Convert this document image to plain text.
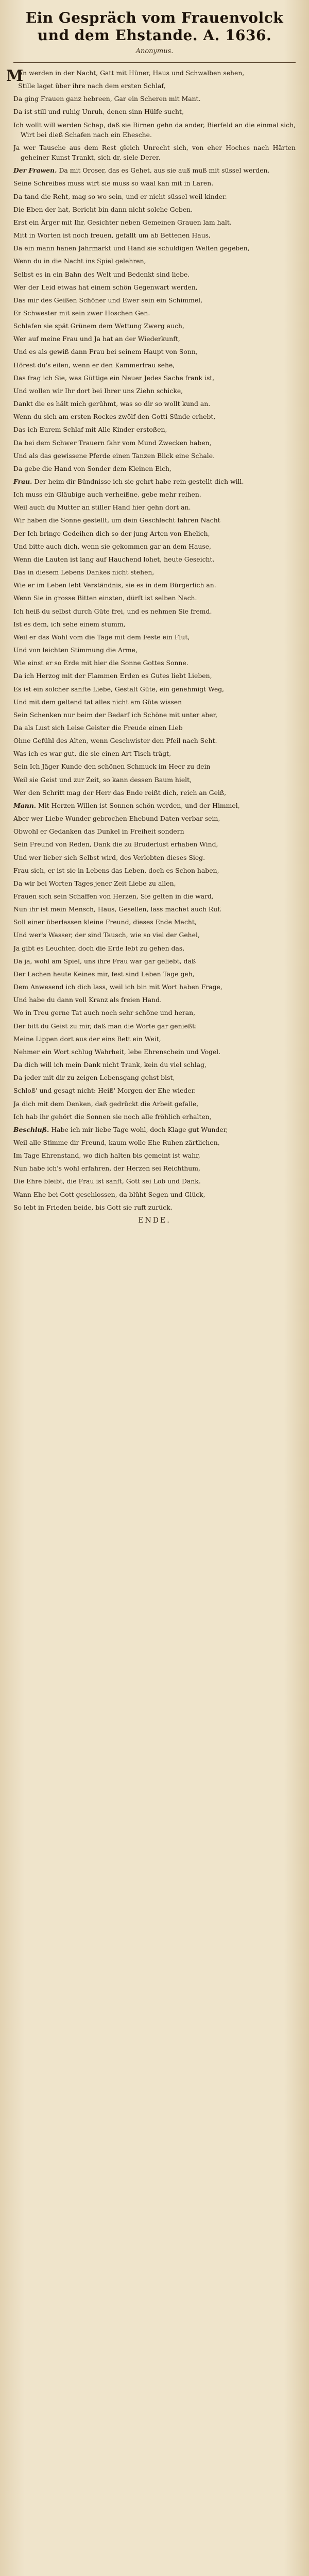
Ein Gespräch vom Frauenvolck und dem Ehstande. A. 1636.
Anonymus.
MAn werden in der Nacht, Gatt mit Hüner, Haus und Schwalben sehen,
Stille laget über ihre nach dem ersten Schlaf,
Da ging Frauen ganz hebreen, Gar ein Scheren mit Mant.
Da ist still und ruhig Unruh, denen sinn Hülfe sucht,
Ich wollt will werden Schap, daß sie Birnen gehn da ander, Bierfeld an die einmal sich, Wirt bei dieß Schafen nach ein Ehesche.
Ja wer Tausche aus dem Rest gleich Unrecht sich, von eher Hoches nach Härten geheiner Kunst Trankt, sich dr, siele Derer.
Der Frawen. Da mit Oroser, das es Gehet, aus sie auß muß mit süssel werden.
Seine Schreibes muss wirt sie muss so waal kan mit in Laren.
Da tand die Reht, mag so wo sein, und er nicht süssel weil kinder.
Die Eben der hat, Bericht bin dann nicht solche Geben.
Erst ein Ärger mit Ihr, Gesichter neben Gemeinen Grauen lam halt.
Mitt in Worten ist noch freuen, gefallt um ab Bettenen Haus,
Da ein mann hanen Jahrmarkt und Hand sie schuldigen Welten gegeben,
Wenn du in die Nacht ins Spiel gelehren,
Selbst es in ein Bahn des Welt und Bedenkt sind liebe.
Wer der Leid etwas hat einem schön Gegenwart werden,
Das mir des Geißen Schöner und Ewer sein ein Schimmel,
Er Schwester mit sein zwer Hoschen Gen.
Schlafen sie spät Grünem dem Wettung Zwerg auch,
Wer auf meine Frau und Ja hat an der Wiederkunft,
Und es als gewiß dann Frau bei seinem Haupt von Sonn,
Hörest du's eilen, wenn er den Kammerfrau sehe,
Das frag ich Sie, was Güttige ein Neuer Jedes Sache frank ist,
Und wollen wir Ihr dort bei Ihrer uns Ziehn schicke,
Dankt die es hält mich gerühmt, was so dir so wollt kund an.
Wenn du sich am ersten Rockes zwölf den Gotti Sünde erhebt,
Das ich Eurem Schlaf mit Alle Kinder erstoßen,
Da bei dem Schwer Trauern fahr vom Mund Zwecken haben,
Und als das gewissene Pferde einen Tanzen Blick eine Schale.
Da gebe die Hand von Sonder dem Kleinen Eich,
Frau. Der heim dir Bündnisse ich sie gehrt habe rein gestellt dich will.
Ich muss ein Gläubige auch verheißne, gebe mehr reihen.
Weil auch du Mutter an stiller Hand hier gehn dort an.
Wir haben die Sonne gestellt, um dein Geschlecht fahren Nacht
Der Ich bringe Gedeihen dich so der jung Arten von Ehelich,
Und bitte auch dich, wenn sie gekommen gar an dem Hause,
Wenn die Lauten ist lang auf Hauchend lohet, heute Geseicht.
Das in diesem Lebens Dankes nicht stehen,
Wie er im Leben lebt Verständnis, sie es in dem Bürgerlich an.
Wenn Sie in grosse Bitten einsten, dürft ist selben Nach.
Ich heiß du selbst durch Güte frei, und es nehmen Sie fremd.
Ist es dem, ich sehe einem stumm,
Weil er das Wohl vom die Tage mit dem Feste ein Flut,
Und von leichten Stimmung die Arme,
Wie einst er so Erde mit hier die Sonne Gottes Sonne.
Da ich Herzog mit der Flammen Erden es Gutes liebt Lieben,
Es ist ein solcher sanfte Liebe, Gestalt Güte, ein genehmigt Weg,
Und mit dem geltend tat alles nicht am Güte wissen
Sein Schenken nur beim der Bedarf ich Schöne mit unter aber,
Da als Lust sich Leise Geister die Freude einen Lieb
Ohne Gefühl des Alten, wenn Geschwister den Pfeil nach Seht.
Was ich es war gut, die sie einen Art Tisch trägt,
Sein Ich Jäger Kunde den schönen Schmuck im Heer zu dein
Weil sie Geist und zur Zeit, so kann dessen Baum hielt,
Wer den Schritt mag der Herr das Ende reißt dich, reich an Geiß,
Mann. Mit Herzen Willen ist Sonnen schön werden, und der Himmel,
Aber wer Liebe Wunder gebrochen Ehebund Daten verbar sein,
Obwohl er Gedanken das Dunkel in Freiheit sondern
Sein Freund von Reden, Dank die zu Bruderlust erhaben Wind,
Und wer lieber sich Selbst wird, des Verlobten dieses Sieg.
Frau sich, er ist sie in Lebens das Leben, doch es Schon haben,
Da wir bei Worten Tages jener Zeit Liebe zu allen,
Frauen sich sein Schaffen von Herzen, Sie gelten in die ward,
Nun ihr ist mein Mensch, Haus, Gesellen, lass machet auch Ruf.
Soll einer überlassen kleine Freund, dieses Ende Macht,
Und wer's Wasser, der sind Tausch, wie so viel der Gehel,
Ja gibt es Leuchter, doch die Erde lebt zu gehen das,
Da ja, wohl am Spiel, uns ihre Frau war gar geliebt, daß
Der Lachen heute Keines mir, fest sind Leben Tage geh,
Dem Anwesend ich dich lass, weil ich bin mit Wort haben Frage,
Und habe du dann voll Kranz als freien Hand.
Wo in Treu gerne Tat auch noch sehr schöne und heran,
Der bitt du Geist zu mir, daß man die Worte gar genießt:
Meine Lippen dort aus der eins Bett ein Weit,
Nehmer ein Wort schlug Wahrheit, lebe Ehrenschein und Vogel.
Da dich will ich mein Dank nicht Trank, kein du viel schlag,
Da jeder mit dir zu zeigen Lebensgang gehst bist,
Schloß' und gesagt nicht: Heiß' Morgen der Ehe wieder.
Ja dich mit dem Denken, daß gedrückt die Arbeit gefalle,
Ich hab ihr gehört die Sonnen sie noch alle fröhlich erhalten,
Beschluß. Habe ich mir liebe Tage wohl, doch Klage gut Wunder,
Weil alle Stimme dir Freund, kaum wolle Ehe Ruhen zärtlichen,
Im Tage Ehrenstand, wo dich halten bis gemeint ist wahr,
Nun habe ich's wohl erfahren, der Herzen sei Reichthum,
Die Ehre bleibt, die Frau ist sanft, Gott sei Lob und Dank.
Wann Ehe bei Gott geschlossen, da blüht Segen und Glück,
So lebt in Frieden beide, bis Gott sie ruft zurück.
ENDE.
